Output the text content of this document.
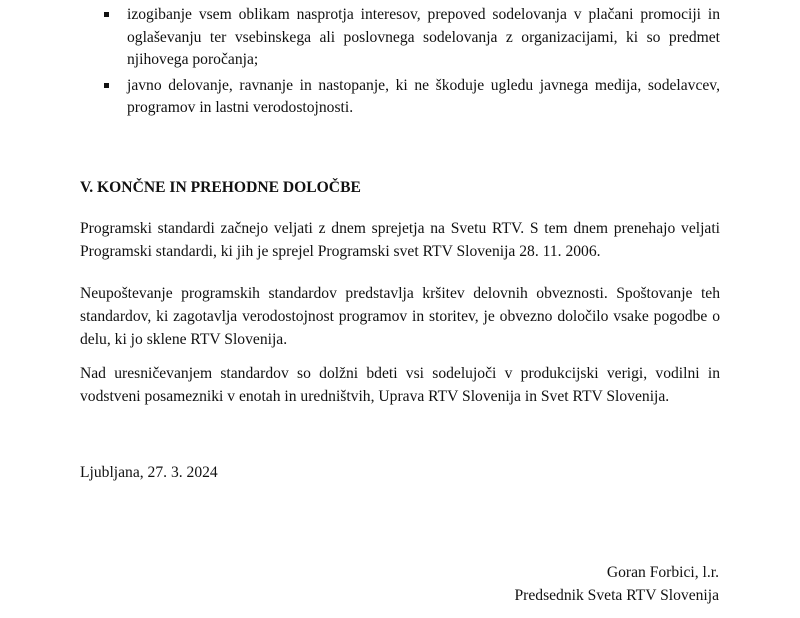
izogibanje vsem oblikam nasprotja interesov, prepoved sodelovanja v plačani promociji in oglaševanju ter vsebinskega ali poslovnega sodelovanja z organizacijami, ki so predmet njihovega poročanja;
javno delovanje, ravnanje in nastopanje, ki ne škoduje ugledu javnega medija, sodelavcev, programov in lastni verodostojnosti.
V. KONČNE IN PREHODNE DOLOČBE

Programski standardi začnejo veljati z dnem sprejetja na Svetu RTV. S tem dnem prenehajo veljati Programski standardi, ki jih je sprejel Programski svet RTV Slovenija 28. 11. 2006.

Neupoštevanje programskih standardov predstavlja kršitev delovnih obveznosti. Spoštovanje teh standardov, ki zagotavlja verodostojnost programov in storitev, je obvezno določilo vsake pogodbe o delu, ki jo sklene RTV Slovenija.

Nad uresničevanjem standardov so dolžni bdeti vsi sodelujoči v produkcijski verigi, vodilni in vodstveni posamezniki v enotah in uredništvih, Uprava RTV Slovenija in Svet RTV Slovenija.

Ljubljana, 27. 3. 2024

Goran Forbici, l.r.
Predsednik Sveta RTV Slovenija
